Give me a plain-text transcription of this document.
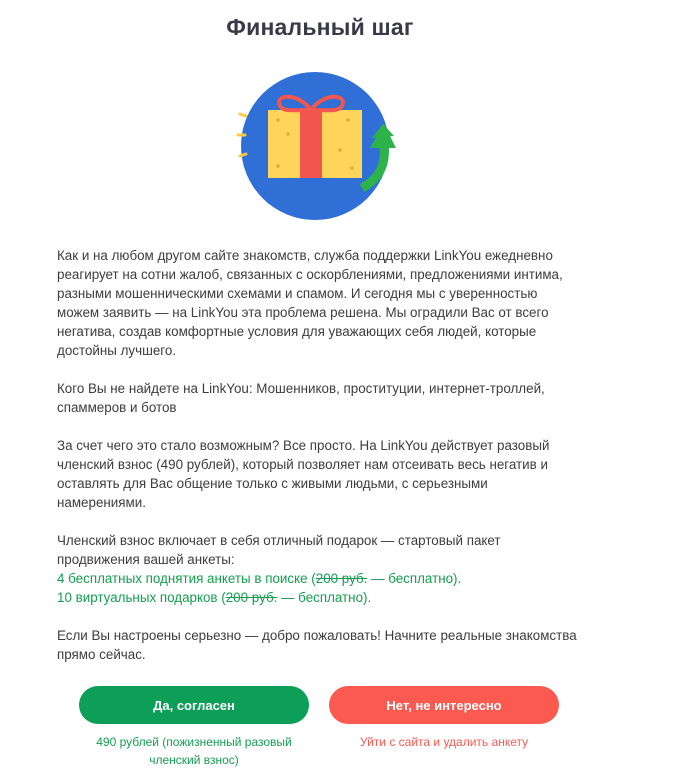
Финальный шаг

Как и на любом другом сайте знакомств, служба поддержки LinkYou ежедневно реагирует на сотни жалоб, связанных с оскорблениями, предложениями интима, разными мошенническими схемами и спамом. И сегодня мы с уверенностью можем заявить — на LinkYou эта проблема решена. Мы оградили Вас от всего негатива, создав комфортные условия для уважающих себя людей, которые достойны лучшего.

Кого Вы не найдете на LinkYou: Мошенников, проституции, интернет-троллей, спаммеров и ботов

За счет чего это стало возможным? Все просто. На LinkYou действует разовый членский взнос (490 рублей), который позволяет нам отсеивать весь негатив и оставлять для Вас общение только с живыми людьми, с серьезными намерениями.

Членский взнос включает в себя отличный подарок — стартовый пакет продвижения вашей анкеты:
4 бесплатных поднятия анкеты в поиске (200 руб. — бесплатно).
10 виртуальных подарков (200 руб. — бесплатно).

Если Вы настроены серьезно — добро пожаловать! Начните реальные знакомства прямо сейчас.

Да, согласен	Нет, не интересно
490 рублей (пожизненный разовый членский взнос)
Уйти с сайта и удалить анкету
